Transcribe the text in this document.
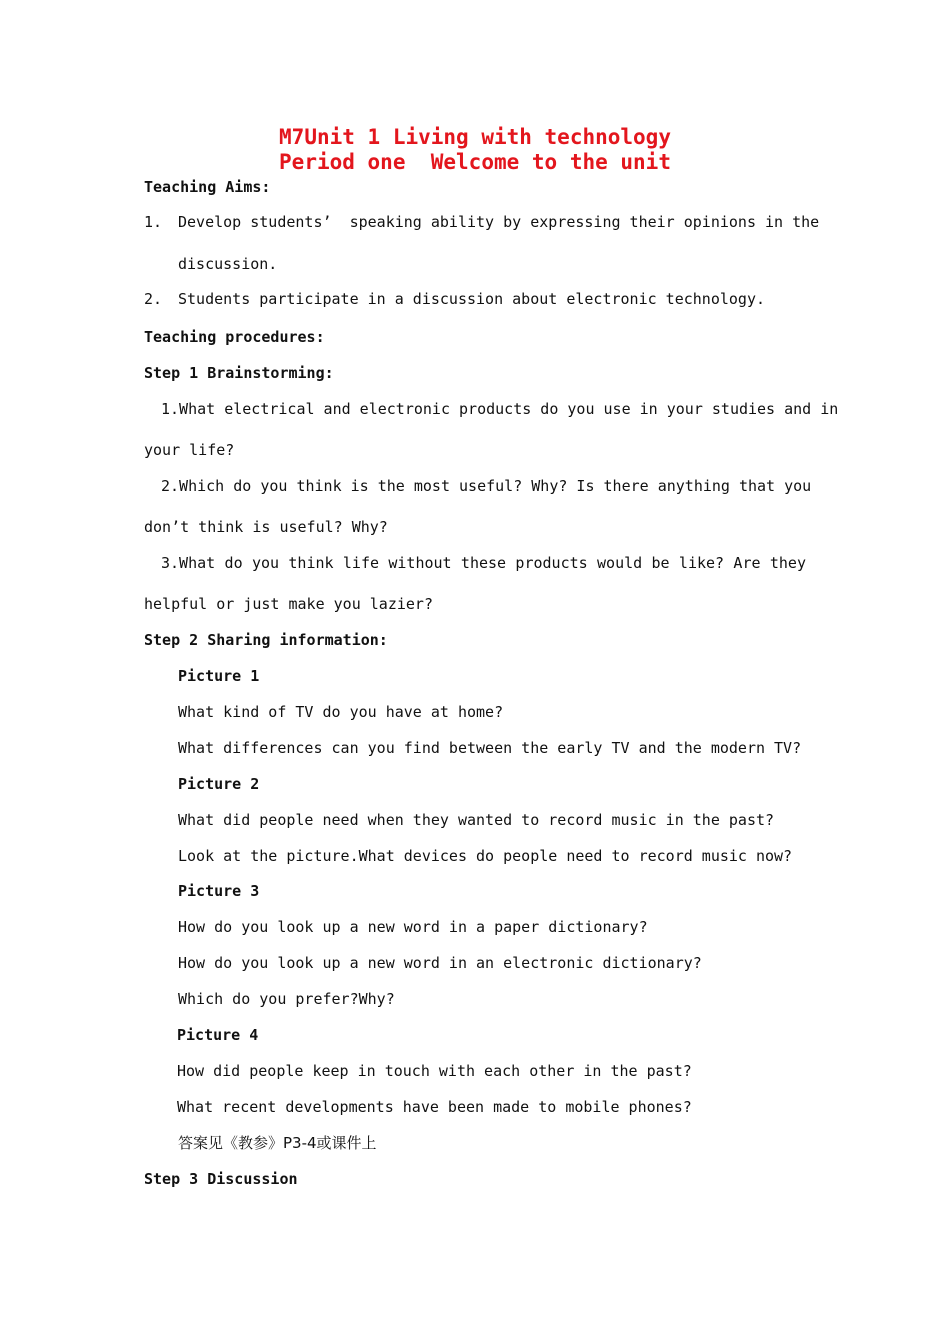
M7Unit 1 Living with technology
Period one  Welcome to the unit
Teaching Aims:
1. Develop students’  speaking ability by expressing their opinions in the
discussion.
2. Students participate in a discussion about electronic technology.
Teaching procedures:
Step 1 Brainstorming:
1.What electrical and electronic products do you use in your studies and in
your life?
2.Which do you think is the most useful? Why? Is there anything that you
don’t think is useful? Why?
3.What do you think life without these products would be like? Are they
helpful or just make you lazier?
Step 2 Sharing information:
Picture 1
What kind of TV do you have at home?
What differences can you find between the early TV and the modern TV?
Picture 2
What did people need when they wanted to record music in the past?
Look at the picture.What devices do people need to record music now?
Picture 3
How do you look up a new word in a paper dictionary?
How do you look up a new word in an electronic dictionary?
Which do you prefer?Why?
Picture 4
How did people keep in touch with each other in the past?
What recent developments have been made to mobile phones?
答案见《教参》P3-4或课件上
Step 3 Discussion
